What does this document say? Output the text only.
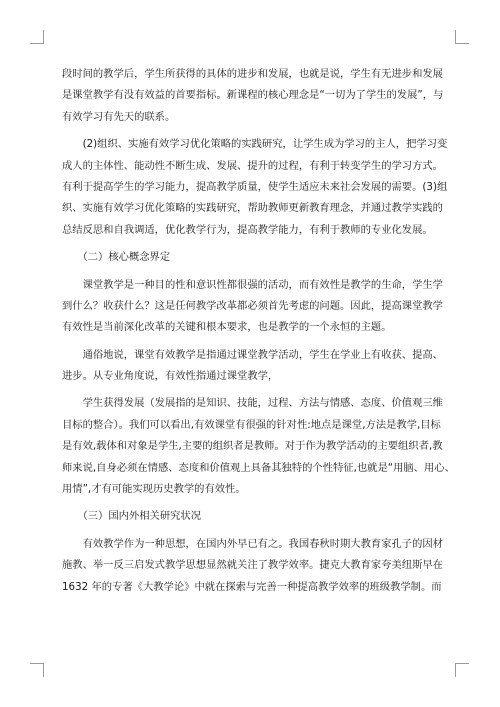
段时间的教学后，学生所获得的具体的进步和发展，也就是说，学生有无进步和发展
是课堂教学有没有效益的首要指标。新课程的核心理念是“一切为了学生的发展”，与
有效学习有先天的联系。

　　(2)组织、实施有效学习优化策略的实践研究，让学生成为学习的主人，把学习变
成人的主体性、能动性不断生成、发展、提升的过程，有利于转变学生的学习方式。
有利于提高学生的学习能力，提高教学质量，使学生适应未来社会发展的需要。(3)组
织、实施有效学习优化策略的实践研究，帮助教师更新教育理念，并通过教学实践的
总结反思和自我调适，优化教学行为，提高教学能力，有利于教师的专业化发展。

　　（二）核心概念界定

　　课堂教学是一种目的性和意识性都很强的活动，而有效性是教学的生命，学生学
到什么？收获什么？这是任何教学改革都必须首先考虑的问题。因此，提高课堂教学
有效性是当前深化改革的关键和根本要求，也是教学的一个永恒的主题。

　　通俗地说，课堂有效教学是指通过课堂教学活动，学生在学业上有收获、提高、
进步。从专业角度说，有效性指通过课堂教学，

　　学生获得发展（发展指的是知识、技能，过程、方法与情感、态度、价值观三维
目标的整合）。我们可以看出,有效课堂有很强的针对性:地点是课堂,方法是教学,目标
是有效,载体和对象是学生,主要的组织者是教师。对于作为教学活动的主要组织者,教
师来说,自身必须在情感、态度和价值观上具备其独特的个性特征,也就是“用脑、用心、
用情”,才有可能实现历史教学的有效性。

　　（三）国内外相关研究状况

　　有效教学作为一种思想，在国内外早已有之。我国春秋时期大教育家孔子的因材
施教、举一反三启发式教学思想显然就关注了教学效率。捷克大教育家夸美纽斯早在
1632 年的专著《大教学论》中就在探索与完善一种提高教学效率的班级教学制。而
